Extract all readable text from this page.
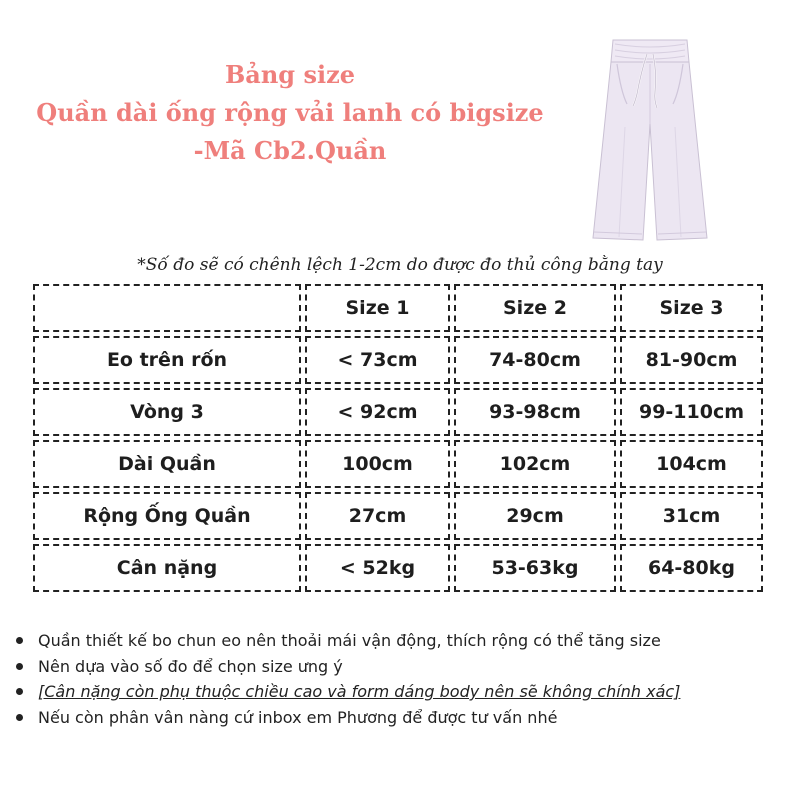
Bảng size
Quần dài ống rộng vải lanh có bigsize
-Mã Cb2.Quần
*Số đo sẽ có chênh lệch 1-2cm do được đo thủ công bằng tay
	Size 1	Size 2	Size 3
Eo trên rốn	< 73cm	74-80cm	81-90cm
Vòng 3	< 92cm	93-98cm	99-110cm
Dài Quần	100cm	102cm	104cm
Rộng Ống Quần	27cm	29cm	31cm
Cân nặng	< 52kg	53-63kg	64-80kg
Quần thiết kế bo chun eo nên thoải mái vận động, thích rộng có thể tăng size
Nên dựa vào số đo để chọn size ưng ý
[Cân nặng còn phụ thuộc chiều cao và form dáng body nên sẽ không chính xác]
Nếu còn phân vân nàng cứ inbox em Phương để được tư vấn nhé
